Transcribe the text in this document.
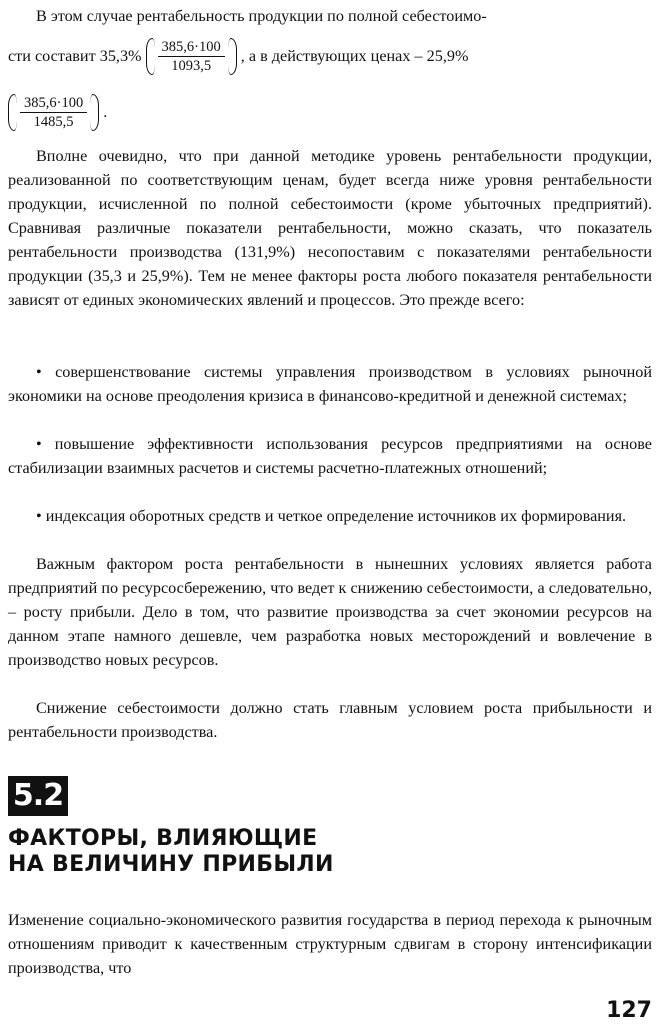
В этом случае рентабельность продукции по полной себестоимо-

сти составит $35,3\% \frac{385,6\cdot 100}{1093,5}$ , а в действующих ценах – 25,9%
$\frac{385,6\cdot 100}{1485,5}$ .

Вполне очевидно, что при данной методике уровень рентабельности продукции, реализованной по соответствующим ценам, будет всегда ниже уровня рентабельности продукции, исчисленной по полной себестоимости (кроме убыточных предприятий). Сравнивая различные показатели рентабельности, можно сказать, что показатель рентабельности производства (131,9%) несопоставим с показателями рентабельности продукции (35,3 и 25,9%). Тем не менее факторы роста любого показателя рентабельности зависят от единых экономических явлений и процессов. Это прежде всего:

• совершенствование системы управления производством в условиях рыночной экономики на основе преодоления кризиса в финансово-кредитной и денежной системах;

• повышение эффективности использования ресурсов предприятиями на основе стабилизации взаимных расчетов и системы расчетно-платежных отношений;

• индексация оборотных средств и четкое определение источников их формирования.

Важным фактором роста рентабельности в нынешних условиях является работа предприятий по ресурсосбережению, что ведет к снижению себестоимости, а следовательно, – росту прибыли. Дело в том, что развитие производства за счет экономии ресурсов на данном этапе намного дешевле, чем разработка новых месторождений и вовлечение в производство новых ресурсов.

Снижение себестоимости должно стать главным условием роста прибыльности и рентабельности производства.

5.2
ФАКТОРЫ, ВЛИЯЮЩИЕ
НА ВЕЛИЧИНУ ПРИБЫЛИ

Изменение социально-экономического развития государства в период перехода к рыночным отношениям приводит к качественным структурным сдвигам в сторону интенсификации производства, что

127
